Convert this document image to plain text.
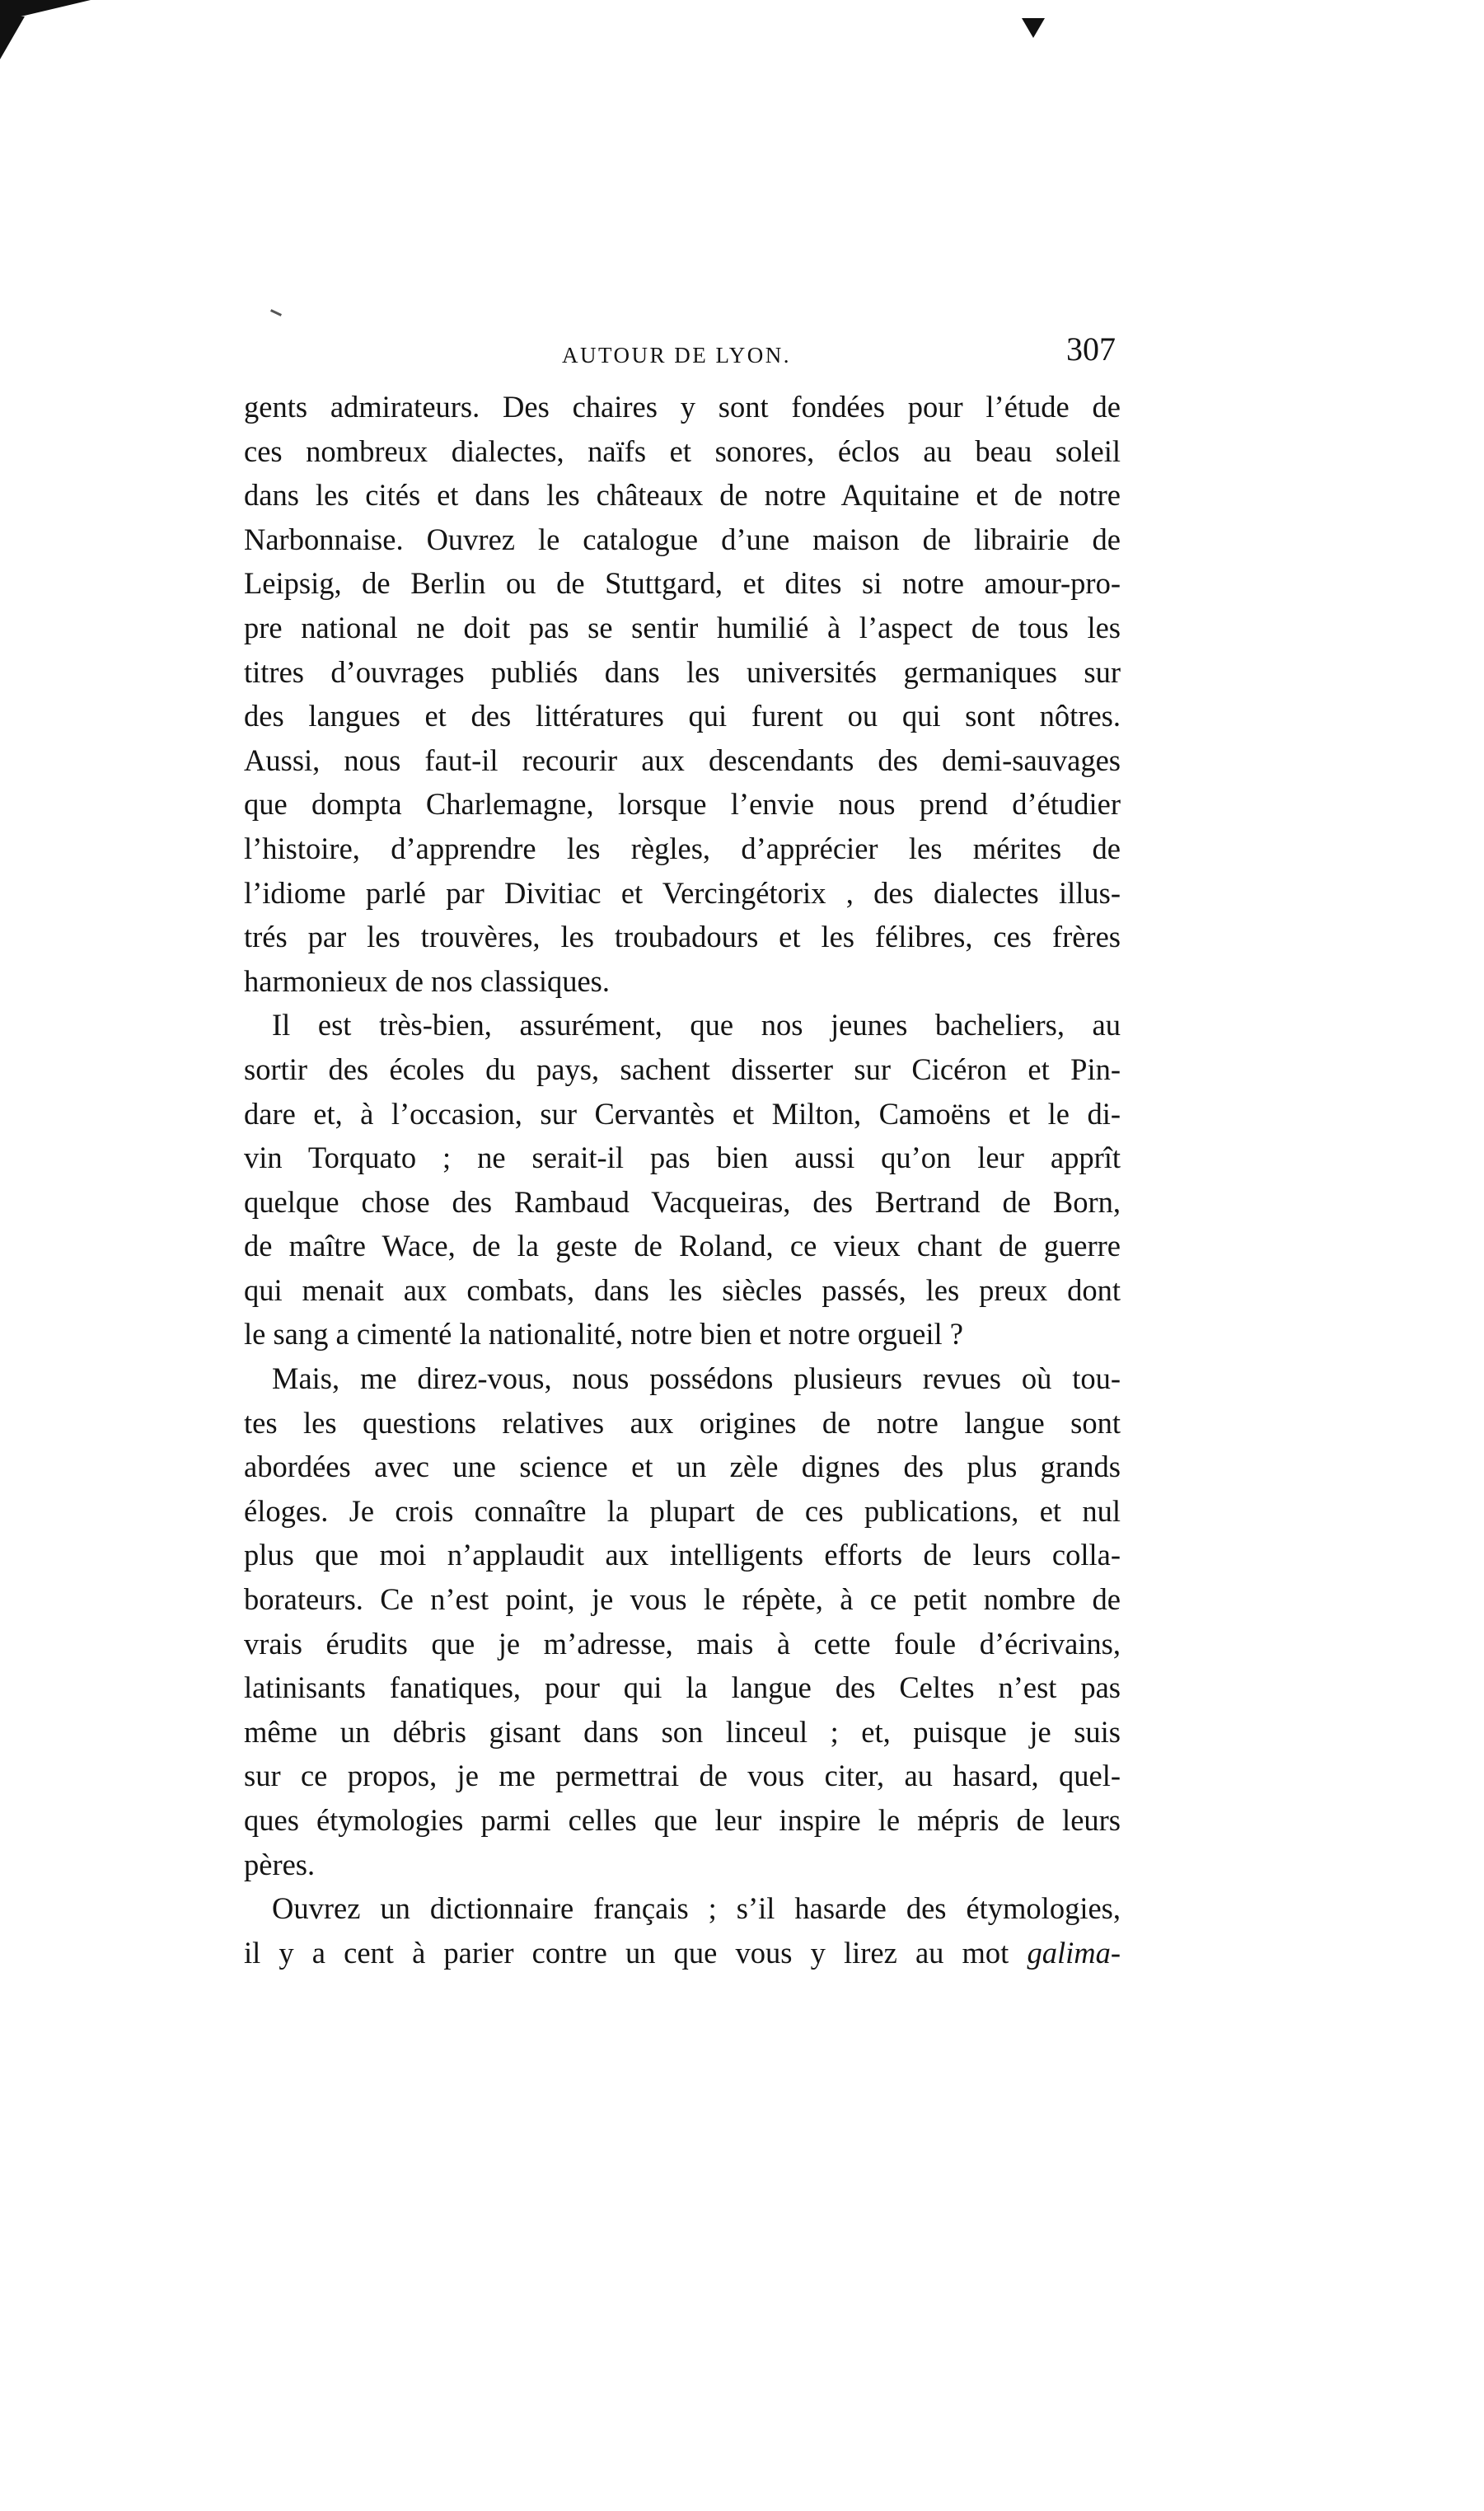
AUTOUR DE LYON.	307
gents admirateurs. Des chaires y sont fondées pour l’étude de
ces nombreux dialectes, naïfs et sonores, éclos au beau soleil
dans les cités et dans les châteaux de notre Aquitaine et de notre
Narbonnaise. Ouvrez le catalogue d’une maison de librairie de
Leipsig, de Berlin ou de Stuttgard, et dites si notre amour-pro-
pre national ne doit pas se sentir humilié à l’aspect de tous les
titres d’ouvrages publiés dans les universités germaniques sur
des langues et des littératures qui furent ou qui sont nôtres.
Aussi, nous faut-il recourir aux descendants des demi-sauvages
que dompta Charlemagne, lorsque l’envie nous prend d’étudier
l’histoire, d’apprendre les règles, d’apprécier les mérites de
l’idiome parlé par Divitiac et Vercingétorix , des dialectes illus-
trés par les trouvères, les troubadours et les félibres, ces frères
harmonieux de nos classiques.
Il est très-bien, assurément, que nos jeunes bacheliers, au
sortir des écoles du pays, sachent disserter sur Cicéron et Pin-
dare et, à l’occasion, sur Cervantès et Milton, Camoëns et le di-
vin Torquato ; ne serait-il pas bien aussi qu’on leur apprît
quelque chose des Rambaud Vacqueiras, des Bertrand de Born,
de maître Wace, de la geste de Roland, ce vieux chant de guerre
qui menait aux combats, dans les siècles passés, les preux dont
le sang a cimenté la nationalité, notre bien et notre orgueil ?
Mais, me direz-vous, nous possédons plusieurs revues où tou-
tes les questions relatives aux origines de notre langue sont
abordées avec une science et un zèle dignes des plus grands
éloges. Je crois connaître la plupart de ces publications, et nul
plus que moi n’applaudit aux intelligents efforts de leurs colla-
borateurs. Ce n’est point, je vous le répète, à ce petit nombre de
vrais érudits que je m’adresse, mais à cette foule d’écrivains,
latinisants fanatiques, pour qui la langue des Celtes n’est pas
même un débris gisant dans son linceul ; et, puisque je suis
sur ce propos, je me permettrai de vous citer, au hasard, quel-
ques étymologies parmi celles que leur inspire le mépris de leurs
pères.
Ouvrez un dictionnaire français ; s’il hasarde des étymologies,
il y a cent à parier contre un que vous y lirez au mot galima-
